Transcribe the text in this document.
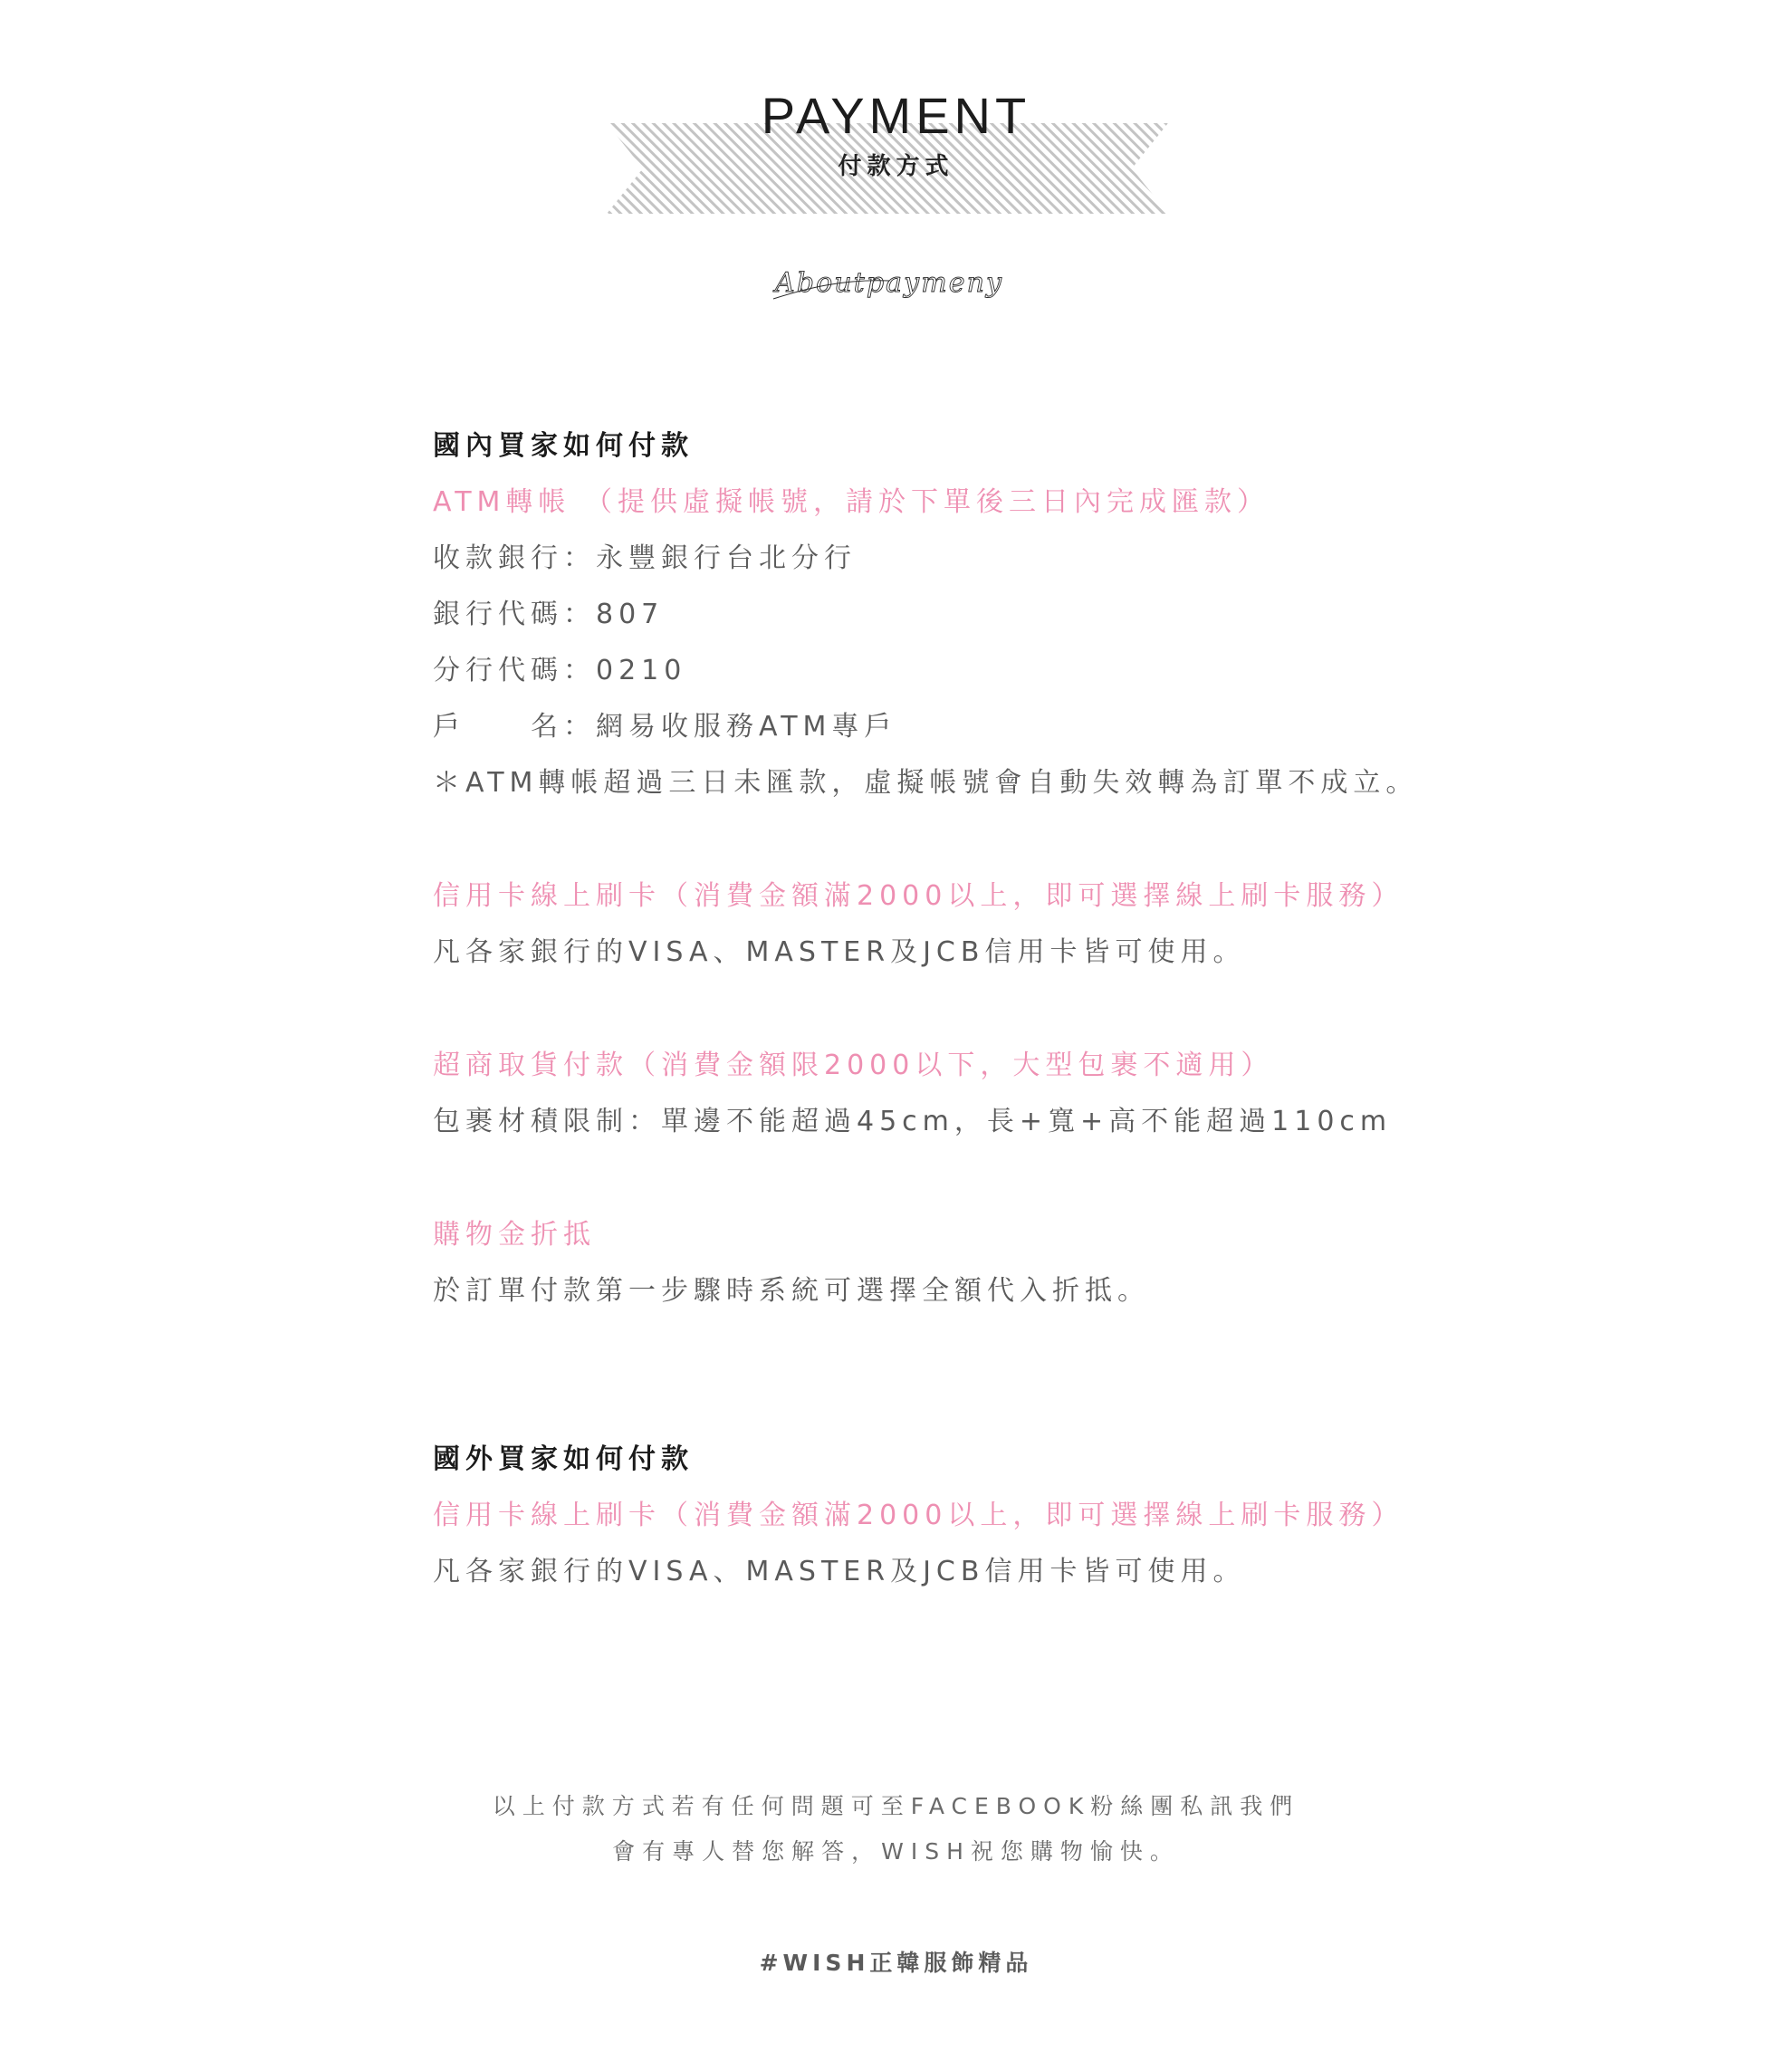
PAYMENT
付款方式
Aboutpaymeny
國內買家如何付款
ATM轉帳 （提供虛擬帳號，請於下單後三日內完成匯款）
收款銀行：永豐銀行台北分行
銀行代碼：807
分行代碼：0210
戶　　名：網易收服務ATM專戶
＊ATM轉帳超過三日未匯款，虛擬帳號會自動失效轉為訂單不成立。
信用卡線上刷卡（消費金額滿2000以上，即可選擇線上刷卡服務）
凡各家銀行的VISA、MASTER及JCB信用卡皆可使用。
超商取貨付款（消費金額限2000以下，大型包裹不適用）
包裹材積限制：單邊不能超過45cm，長+寬+高不能超過110cm
購物金折抵
於訂單付款第一步驟時系統可選擇全額代入折抵。
國外買家如何付款
信用卡線上刷卡（消費金額滿2000以上，即可選擇線上刷卡服務）
凡各家銀行的VISA、MASTER及JCB信用卡皆可使用。
以上付款方式若有任何問題可至FACEBOOK粉絲團私訊我們
會有專人替您解答，WISH祝您購物愉快。
#WISH正韓服飾精品
